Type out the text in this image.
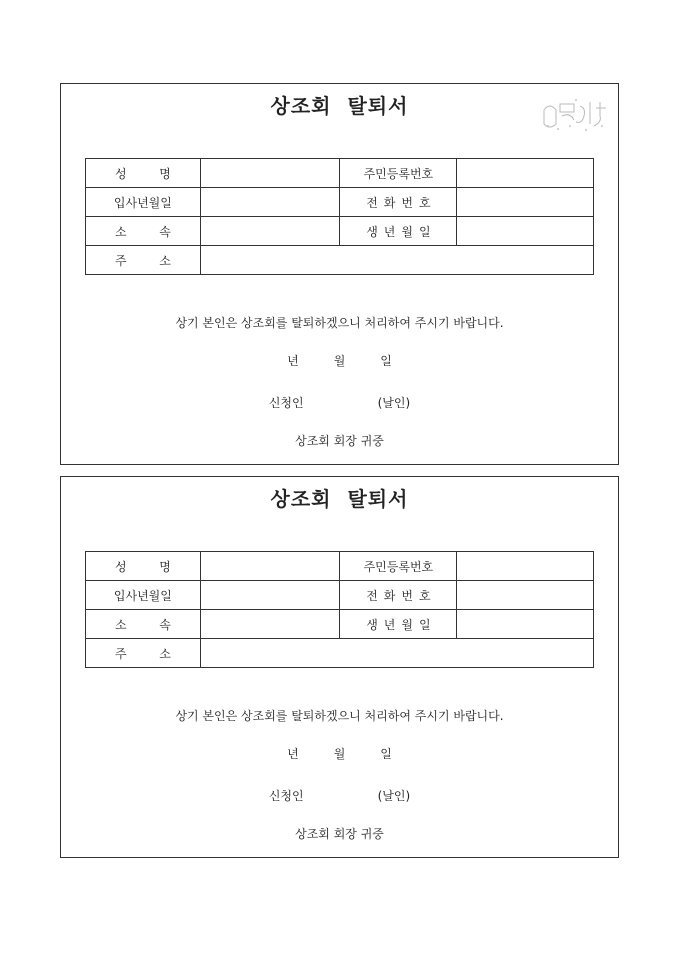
상조회 탈퇴서
성 명		주민등록번호	
입사년월일		전화번호	
소 속		생년월일	
주 소			
상기 본인은 상조회를 탈퇴하겠으니 처리하여 주시기 바랍니다.
년 월 일
신청인	(날인)
상조회 회장 귀중
상조회 탈퇴서
성 명		주민등록번호	
입사년월일		전화번호	
소 속		생년월일	
주 소			
상기 본인은 상조회를 탈퇴하겠으니 처리하여 주시기 바랍니다.
년 월 일
신청인	(날인)
상조회 회장 귀중
